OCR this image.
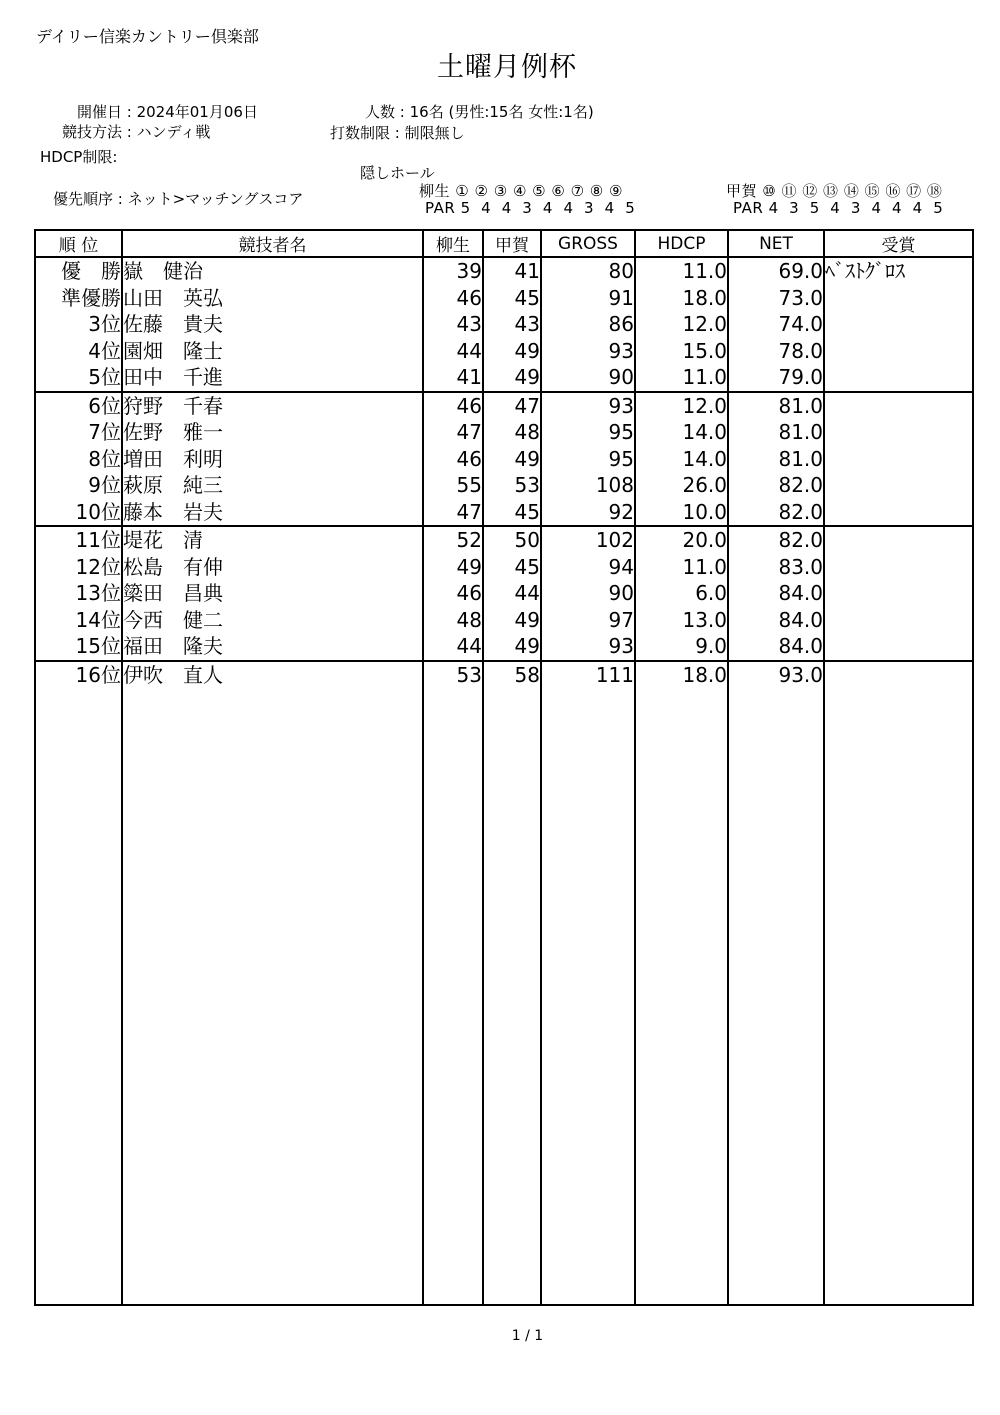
デイリー信楽カントリー倶楽部
土曜月例杯
開催日 : 2024年01月06日
競技方法 : ハンディ戦
HDCP制限:
優先順序 : ネット>マッチングスコア
人数 : 16名 (男性:15名 女性:1名)
打数制限 : 制限無し
隠しホール
柳生 ① ② ③ ④ ⑤ ⑥ ⑦ ⑧ ⑨
PAR 5  4  4  3  4  4  3  4  5
甲賀 ⑩ ⑪ ⑫ ⑬ ⑭ ⑮ ⑯ ⑰ ⑱
PAR 4  3  5  4  3  4  4  4  5
順 位	競技者名	柳生	甲賀	GROSS	HDCP	NET	受賞
優　勝	嶽　健治	39	41	80	11.0	69.0	ﾍﾞｽﾄｸﾞﾛｽ
準優勝	山田　英弘	46	45	91	18.0	73.0	
3位	佐藤　貴夫	43	43	86	12.0	74.0	
4位	園畑　隆士	44	49	93	15.0	78.0	
5位	田中　千進	41	49	90	11.0	79.0	
6位	狩野　千春	46	47	93	12.0	81.0	
7位	佐野　雅一	47	48	95	14.0	81.0	
8位	増田　利明	46	49	95	14.0	81.0	
9位	萩原　純三	55	53	108	26.0	82.0	
10位	藤本　岩夫	47	45	92	10.0	82.0	
11位	堤花　清	52	50	102	20.0	82.0	
12位	松島　有伸	49	45	94	11.0	83.0	
13位	簗田　昌典	46	44	90	6.0	84.0	
14位	今西　健二	48	49	97	13.0	84.0	
15位	福田　隆夫	44	49	93	9.0	84.0	
16位	伊吹　直人	53	58	111	18.0	93.0	

1 / 1
